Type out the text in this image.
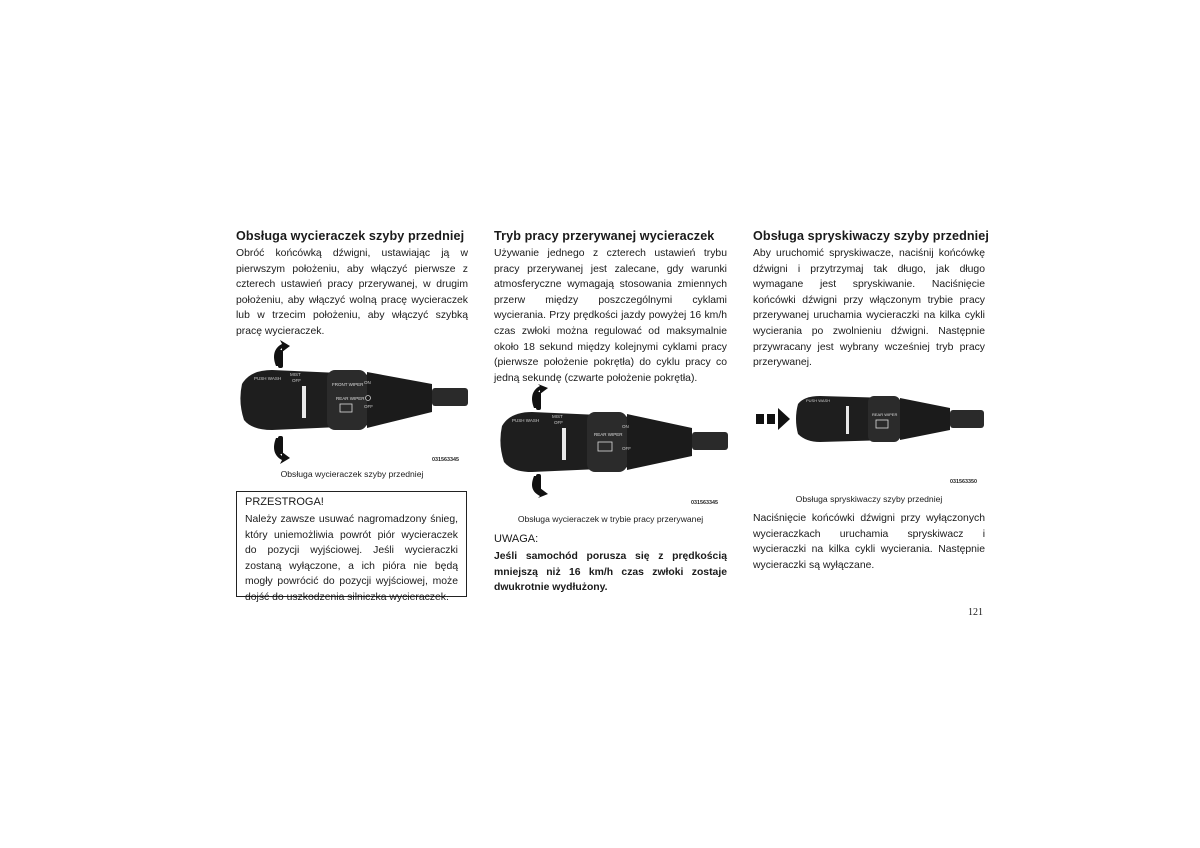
Obsługa wycieraczek szyby przedniej

Obróć końcówką dźwigni, ustawiając ją w pierwszym położeniu, aby włączyć pierwsze z czterech ustawień pracy przerywanej, w drugim położeniu, aby włączyć wolną pracę wycieraczek lub w trzecim położeniu, aby włączyć szybką pracę wycieraczek.

PUSH WASH
MIST
OFF
FRONT WIPER
REAR WIPER
ON
OFF
031563345
Obsługa wycieraczek szyby przedniej
PRZESTROGA!

Należy zawsze usuwać nagromadzony śnieg, który uniemożliwia powrót piór wycieraczek do pozycji wyjściowej. Jeśli wycieraczki zostaną wyłączone, a ich pióra nie będą mogły powrócić do pozycji wyjściowej, może dojść do uszkodzenia silniczka wycieraczek.

Tryb pracy przerywanej wycieraczek

Używanie jednego z czterech ustawień trybu pracy przerywanej jest zalecane, gdy warunki atmosferyczne wymagają stosowania zmiennych przerw między poszczególnymi cyklami wycierania. Przy prędkości jazdy powyżej 16 km/h czas zwłoki można regulować od maksymalnie około 18 sekund między kolejnymi cyklami pracy (pierwsze położenie pokrętła) do cyklu pracy co jedną sekundę (czwarte położenie pokrętła).

PUSH WASH
MIST
OFF
REAR WIPER
ON
OFF
031563345
Obsługa wycieraczek w trybie pracy przerywanej
UWAGA:

Jeśli samochód porusza się z prędkością mniejszą niż 16 km/h czas zwłoki zostaje dwukrotnie wydłużony.

Obsługa spryskiwaczy szyby przedniej

Aby uruchomić spryskiwacze, naciśnij końcówkę dźwigni i przytrzymaj tak długo, jak długo wymagane jest spryskiwanie. Naciśnięcie końcówki dźwigni przy włączonym trybie pracy przerywanej uruchamia wycieraczki na kilka cykli wycierania po zwolnieniu dźwigni. Następnie przywracany jest wybrany wcześniej tryb pracy przerywanej.

PUSH WASH
REAR WIPER
031563350
Obsługa spryskiwaczy szyby przedniej

Naciśnięcie końcówki dźwigni przy wyłączonych wycieraczkach uruchamia spryskiwacz i wycieraczki na kilka cykli wycierania. Następnie wycieraczki są wyłączane.

121
